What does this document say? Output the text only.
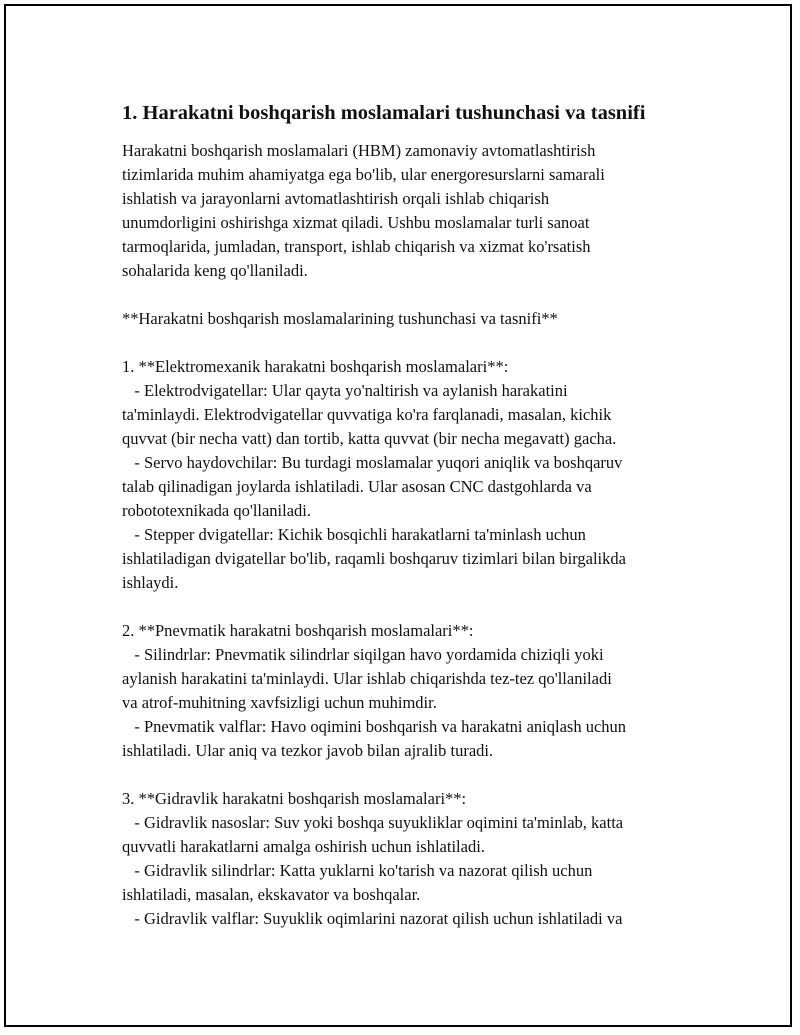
1. Harakatni boshqarish moslamalari tushunchasi va tasnifi
Harakatni boshqarish moslamalari (HBM) zamonaviy avtomatlashtirish
tizimlarida muhim ahamiyatga ega bo'lib, ular energoresurslarni samarali
ishlatish va jarayonlarni avtomatlashtirish orqali ishlab chiqarish
unumdorligini oshirishga xizmat qiladi. Ushbu moslamalar turli sanoat
tarmoqlarida, jumladan, transport, ishlab chiqarish va xizmat ko'rsatish
sohalarida keng qo'llaniladi.
**Harakatni boshqarish moslamalarining tushunchasi va tasnifi**
1. **Elektromexanik harakatni boshqarish moslamalari**:
- Elektrodvigatellar: Ular qayta yo'naltirish va aylanish harakatini
ta'minlaydi. Elektrodvigatellar quvvatiga ko'ra farqlanadi, masalan, kichik
quvvat (bir necha vatt) dan tortib, katta quvvat (bir necha megavatt) gacha.
- Servo haydovchilar: Bu turdagi moslamalar yuqori aniqlik va boshqaruv
talab qilinadigan joylarda ishlatiladi. Ular asosan CNC dastgohlarda va
robototexnikada qo'llaniladi.
- Stepper dvigatellar: Kichik bosqichli harakatlarni ta'minlash uchun
ishlatiladigan dvigatellar bo'lib, raqamli boshqaruv tizimlari bilan birgalikda
ishlaydi.
2. **Pnevmatik harakatni boshqarish moslamalari**:
- Silindrlar: Pnevmatik silindrlar siqilgan havo yordamida chiziqli yoki
aylanish harakatini ta'minlaydi. Ular ishlab chiqarishda tez-tez qo'llaniladi
va atrof-muhitning xavfsizligi uchun muhimdir.
- Pnevmatik valflar: Havo oqimini boshqarish va harakatni aniqlash uchun
ishlatiladi. Ular aniq va tezkor javob bilan ajralib turadi.
3. **Gidravlik harakatni boshqarish moslamalari**:
- Gidravlik nasoslar: Suv yoki boshqa suyukliklar oqimini ta'minlab, katta
quvvatli harakatlarni amalga oshirish uchun ishlatiladi.
- Gidravlik silindrlar: Katta yuklarni ko'tarish va nazorat qilish uchun
ishlatiladi, masalan, ekskavator va boshqalar.
- Gidravlik valflar: Suyuklik oqimlarini nazorat qilish uchun ishlatiladi va
